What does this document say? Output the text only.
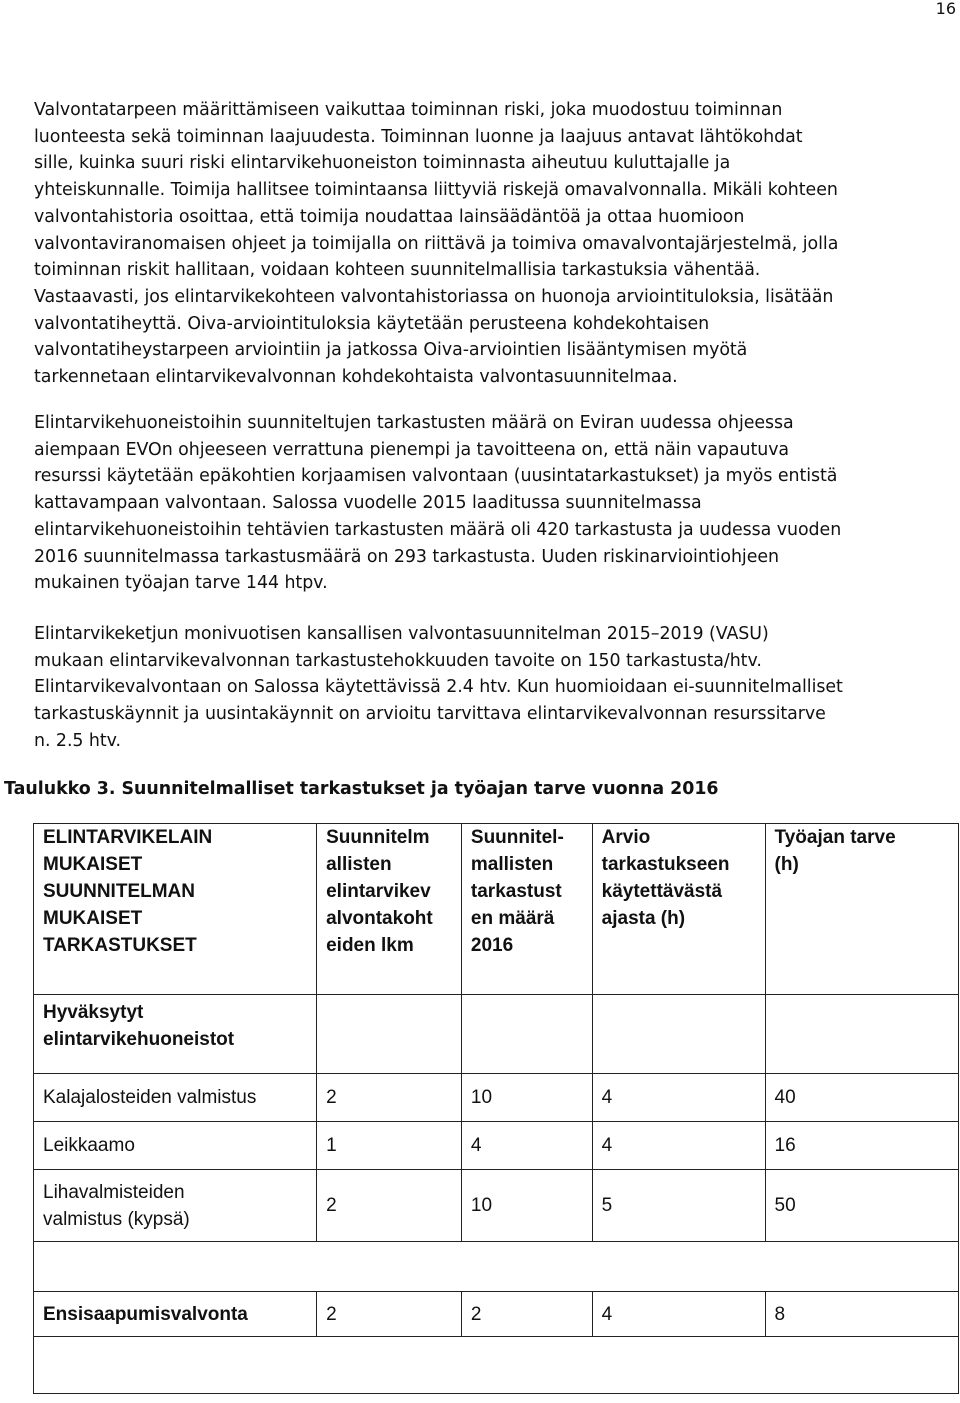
16

Valvontatarpeen määrittämiseen vaikuttaa toiminnan riski, joka muodostuu toiminnan
luonteesta sekä toiminnan laajuudesta. Toiminnan luonne ja laajuus antavat lähtökohdat
sille, kuinka suuri riski elintarvikehuoneiston toiminnasta aiheutuu kuluttajalle ja
yhteiskunnalle. Toimija hallitsee toimintaansa liittyviä riskejä omavalvonnalla. Mikäli kohteen
valvontahistoria osoittaa, että toimija noudattaa lainsäädäntöä ja ottaa huomioon
valvontaviranomaisen ohjeet ja toimijalla on riittävä ja toimiva omavalvontajärjestelmä, jolla
toiminnan riskit hallitaan, voidaan kohteen suunnitelmallisia tarkastuksia vähentää.
Vastaavasti, jos elintarvikekohteen valvontahistoriassa on huonoja arviointituloksia, lisätään
valvontatiheyttä. Oiva-arviointituloksia käytetään perusteena kohdekohtaisen
valvontatiheystarpeen arviointiin ja jatkossa Oiva-arviointien lisääntymisen myötä
tarkennetaan elintarvikevalvonnan kohdekohtaista valvontasuunnitelmaa.

Elintarvikehuoneistoihin suunniteltujen tarkastusten määrä on Eviran uudessa ohjeessa
aiempaan EVOn ohjeeseen verrattuna pienempi ja tavoitteena on, että näin vapautuva
resurssi käytetään epäkohtien korjaamisen valvontaan (uusintatarkastukset) ja myös entistä
kattavampaan valvontaan. Salossa vuodelle 2015 laaditussa suunnitelmassa
elintarvikehuoneistoihin tehtävien tarkastusten määrä oli 420 tarkastusta ja uudessa vuoden
2016 suunnitelmassa tarkastusmäärä on 293 tarkastusta. Uuden riskinarviointiohjeen
mukainen työajan tarve 144 htpv.

Elintarvikeketjun monivuotisen kansallisen valvontasuunnitelman 2015–2019 (VASU)
mukaan elintarvikevalvonnan tarkastustehokkuuden tavoite on 150 tarkastusta/htv.
Elintarvikevalvontaan on Salossa käytettävissä 2.4 htv. Kun huomioidaan ei-suunnitelmalliset
tarkastuskäynnit ja uusintakäynnit on arvioitu tarvittava elintarvikevalvonnan resurssitarve
n. 2.5 htv.

Taulukko 3. Suunnitelmalliset tarkastukset ja työajan tarve vuonna 2016

ELINTARVIKELAIN
MUKAISET
SUUNNITELMAN
MUKAISET
TARKASTUKSET	Suunnitelm
allisten
elintarvikev
alvontakoht
eiden lkm	Suunnitel-
mallisten
tarkastust
en määrä
2016	Arvio
tarkastukseen
käytettävästä
ajasta (h)	Työajan tarve
(h)

Hyväksytyt
elintarvikehuoneistot				

Kalajalosteiden valmistus	2	10	4	40
Leikkaamo	1	4	4	16

Lihavalmisteiden
valmistus (kypsä)	2	10	5	50

Ensisaapumisvalvonta	2	2	4	8
